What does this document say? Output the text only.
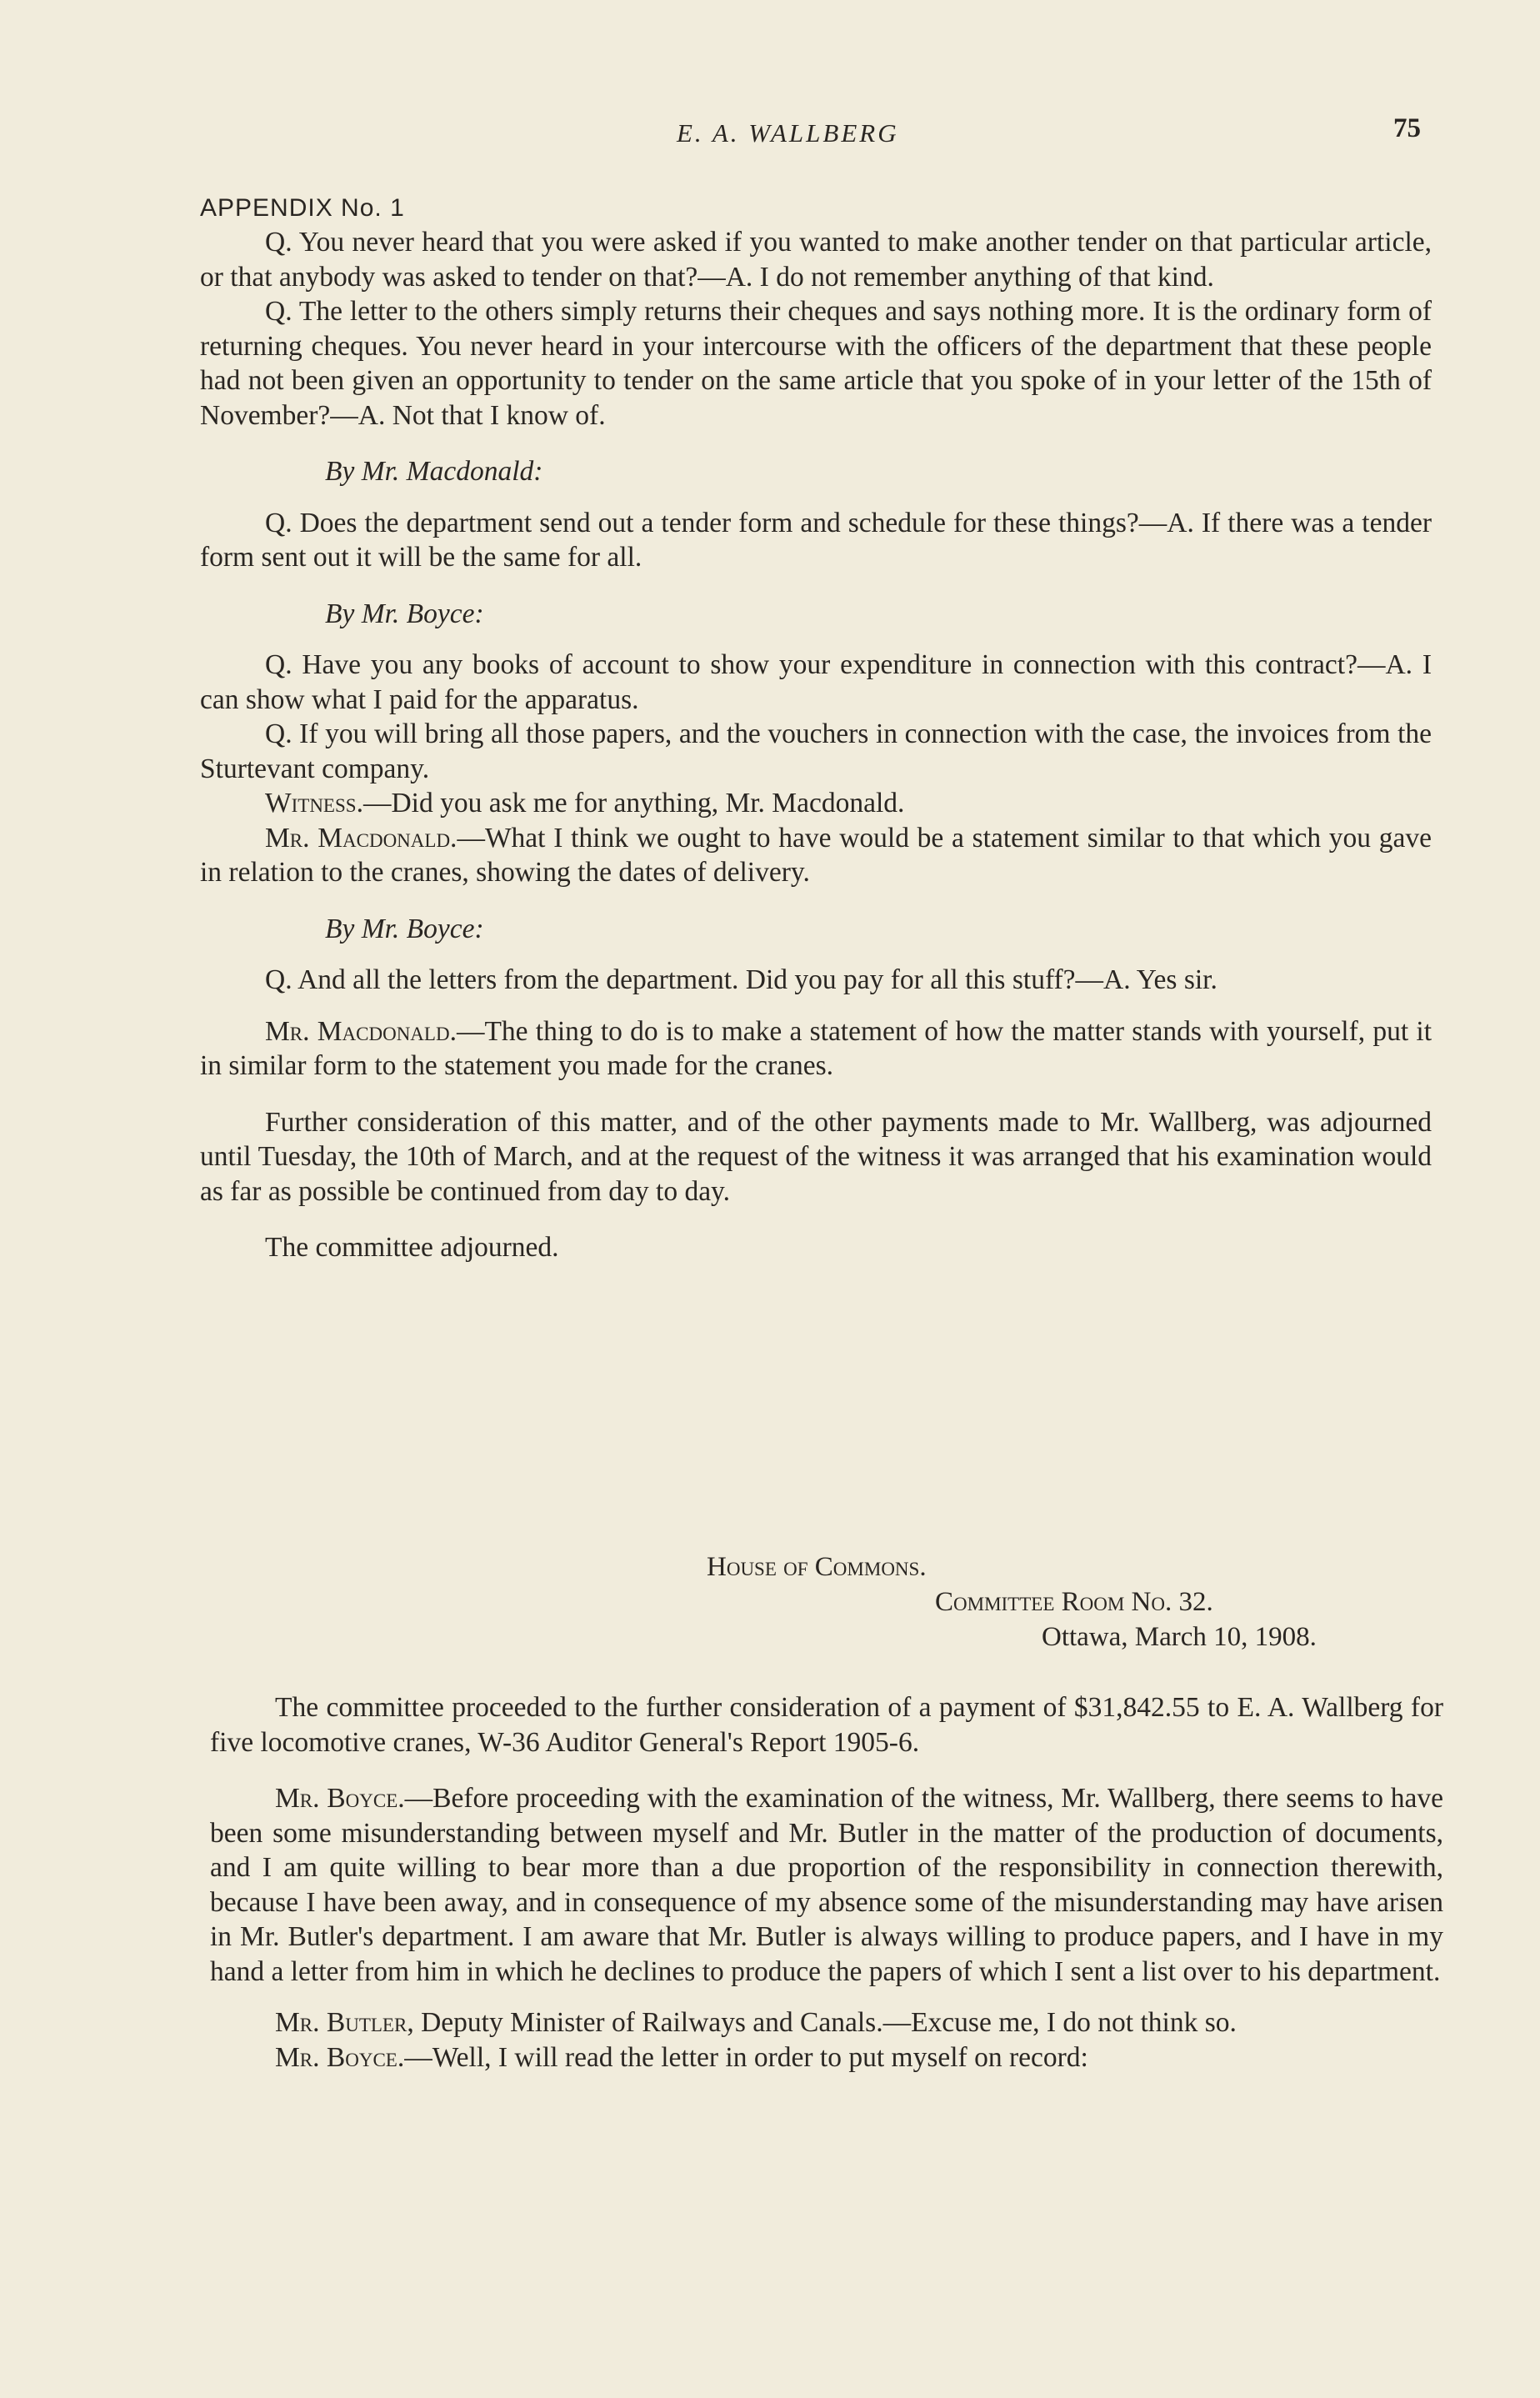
E. A. WALLBERG	75
APPENDIX No. 1

Q. You never heard that you were asked if you wanted to make another tender on that particular article, or that anybody was asked to tender on that?—A. I do not remember anything of that kind.

Q. The letter to the others simply returns their cheques and says nothing more. It is the ordinary form of returning cheques. You never heard in your intercourse with the officers of the department that these people had not been given an opportunity to tender on the same article that you spoke of in your letter of the 15th of November?—A. Not that I know of.

By Mr. Macdonald:

Q. Does the department send out a tender form and schedule for these things?—A. If there was a tender form sent out it will be the same for all.

By Mr. Boyce:

Q. Have you any books of account to show your expenditure in connection with this contract?—A. I can show what I paid for the apparatus.

Q. If you will bring all those papers, and the vouchers in connection with the case, the invoices from the Sturtevant company.

Witness.—Did you ask me for anything, Mr. Macdonald.

Mr. Macdonald.—What I think we ought to have would be a statement similar to that which you gave in relation to the cranes, showing the dates of delivery.

By Mr. Boyce:

Q. And all the letters from the department. Did you pay for all this stuff?—A. Yes sir.

Mr. Macdonald.—The thing to do is to make a statement of how the matter stands with yourself, put it in similar form to the statement you made for the cranes.

Further consideration of this matter, and of the other payments made to Mr. Wallberg, was adjourned until Tuesday, the 10th of March, and at the request of the witness it was arranged that his examination would as far as possible be continued from day to day.

The committee adjourned.

House of Commons.
Committee Room No. 32.
Ottawa, March 10, 1908.

The committee proceeded to the further consideration of a payment of $31,842.55 to E. A. Wallberg for five locomotive cranes, W-36 Auditor General's Report 1905-6.

Mr. Boyce.—Before proceeding with the examination of the witness, Mr. Wallberg, there seems to have been some misunderstanding between myself and Mr. Butler in the matter of the production of documents, and I am quite willing to bear more than a due proportion of the responsibility in connection therewith, because I have been away, and in consequence of my absence some of the misunderstanding may have arisen in Mr. Butler's department. I am aware that Mr. Butler is always willing to produce papers, and I have in my hand a letter from him in which he declines to produce the papers of which I sent a list over to his department.

Mr. Butler, Deputy Minister of Railways and Canals.—Excuse me, I do not think so.

Mr. Boyce.—Well, I will read the letter in order to put myself on record:
